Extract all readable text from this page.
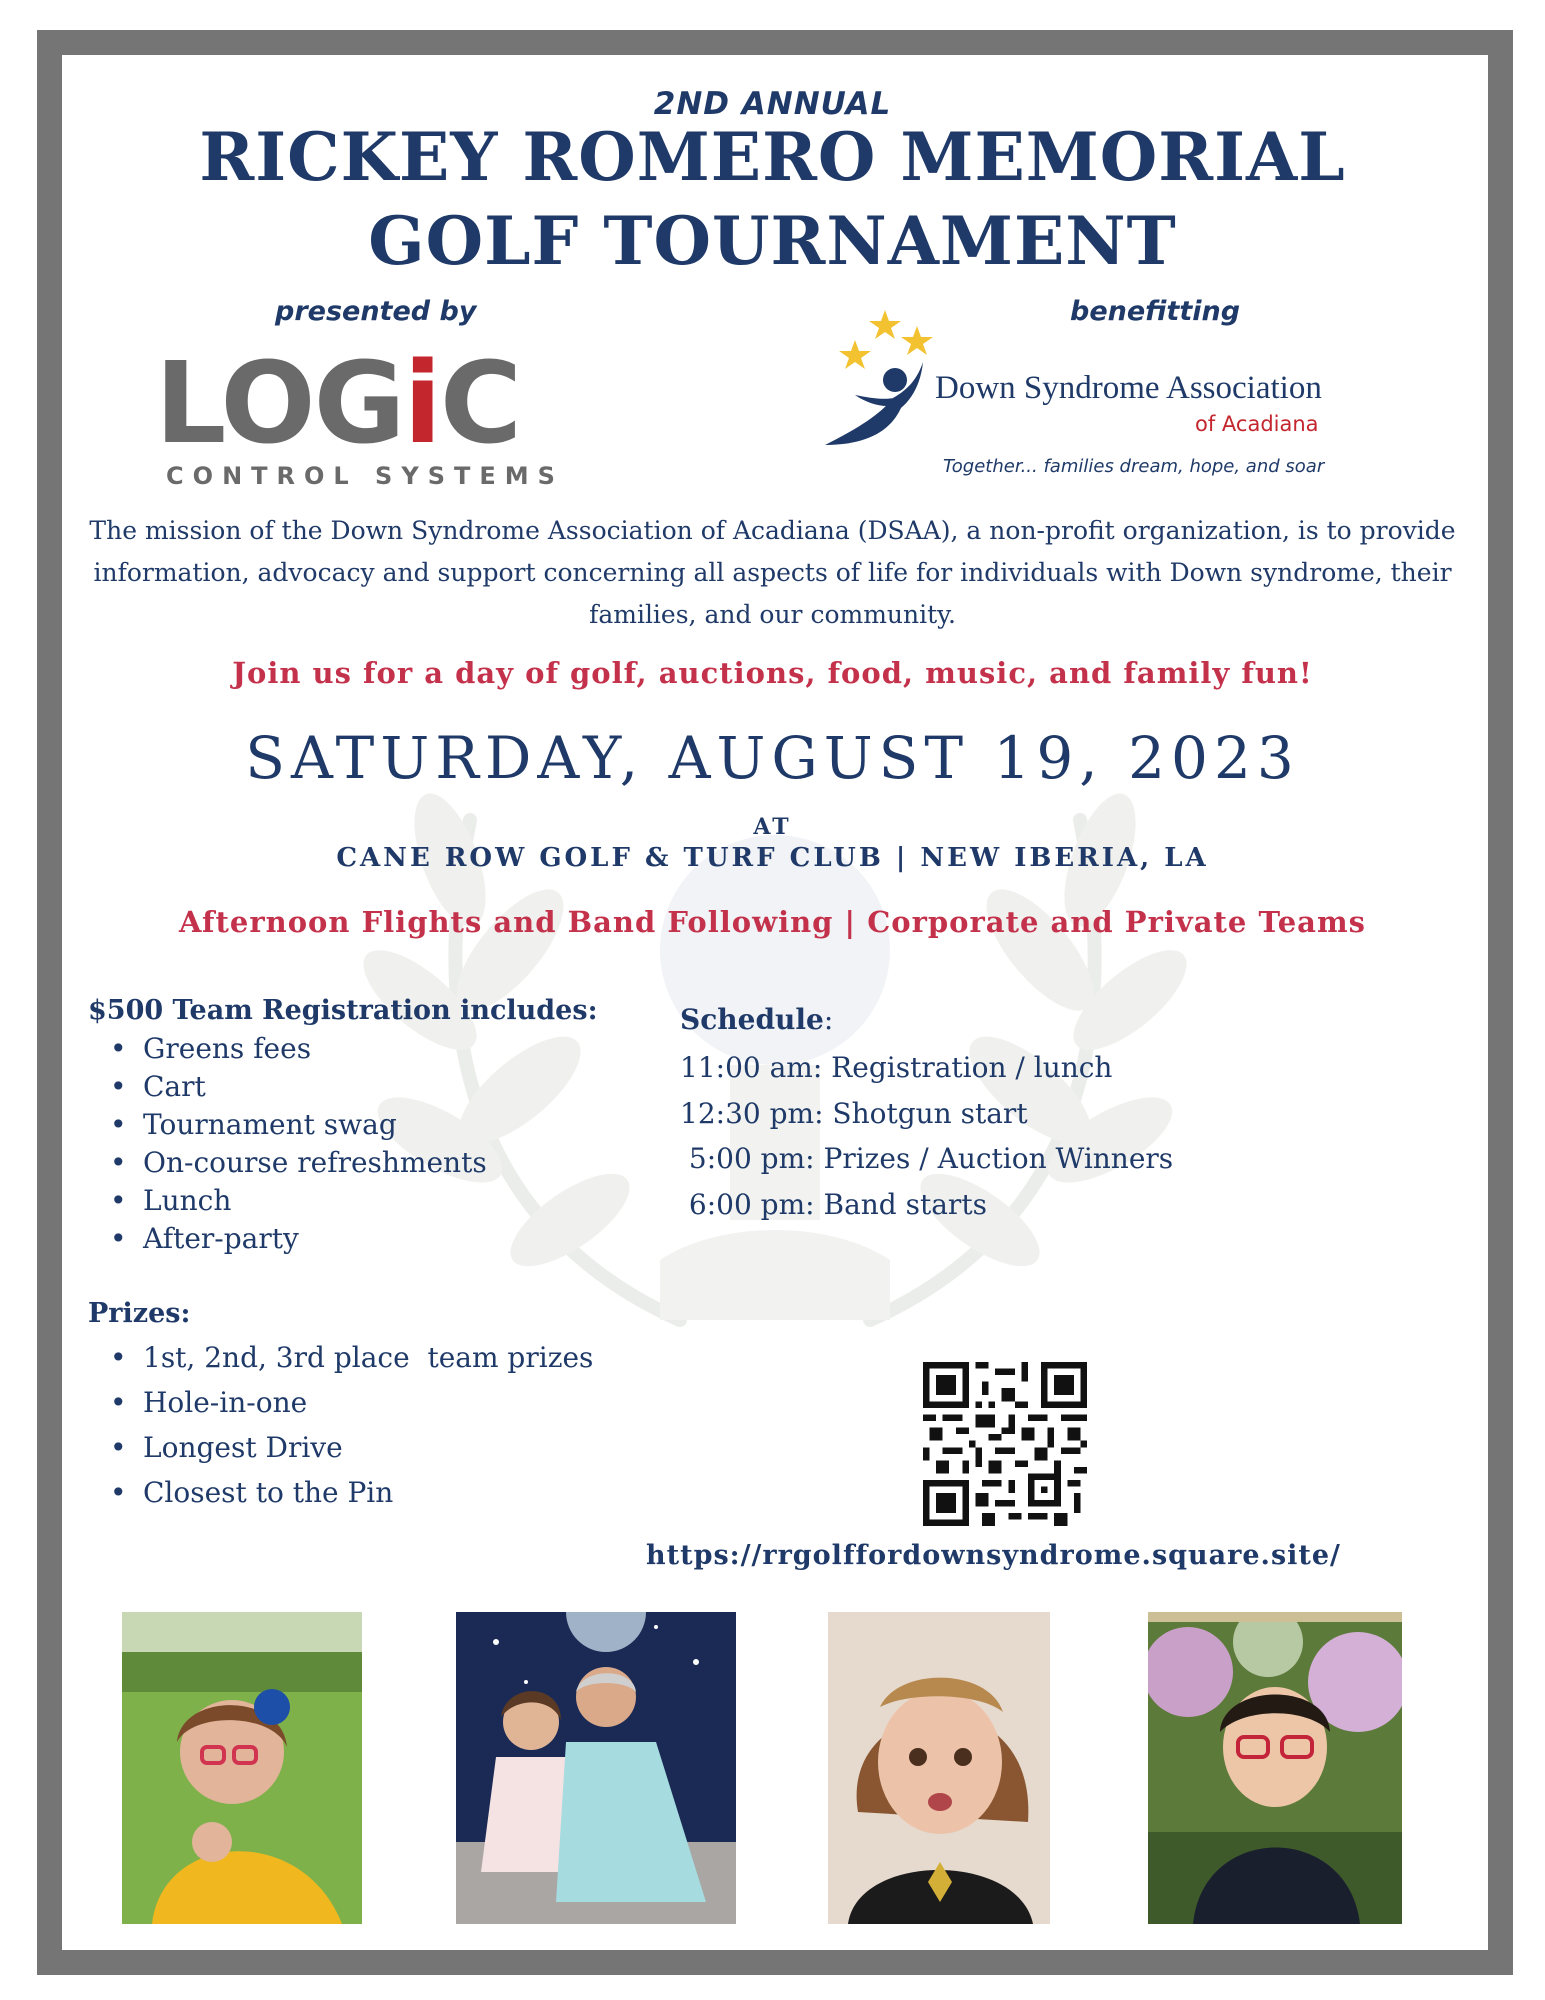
2ND ANNUAL
RICKEY ROMERO MEMORIAL
GOLF TOURNAMENT
presented by	benefitting
LOGiC
CONTROL SYSTEMS
Down Syndrome Association
of Acadiana
Together... families dream, hope, and soar
The mission of the Down Syndrome Association of Acadiana (DSAA), a non-profit organization, is to provide information, advocacy and support concerning all aspects of life for individuals with Down syndrome, their families, and our community.
Join us for a day of golf, auctions, food, music, and family fun!
SATURDAY, AUGUST 19, 2023
AT
CANE ROW GOLF & TURF CLUB | NEW IBERIA, LA
Afternoon Flights and Band Following | Corporate and Private Teams
$500 Team Registration includes:
• Greens fees
• Cart
• Tournament swag
• On-course refreshments
• Lunch
• After-party
Prizes:
• 1st, 2nd, 3rd place  team prizes
• Hole-in-one
• Longest Drive
• Closest to the Pin
Schedule:
11:00 am: Registration / lunch
12:30 pm: Shotgun start
5:00 pm: Prizes / Auction Winners
6:00 pm: Band starts
https://rrgolffordownsyndrome.square.site/
